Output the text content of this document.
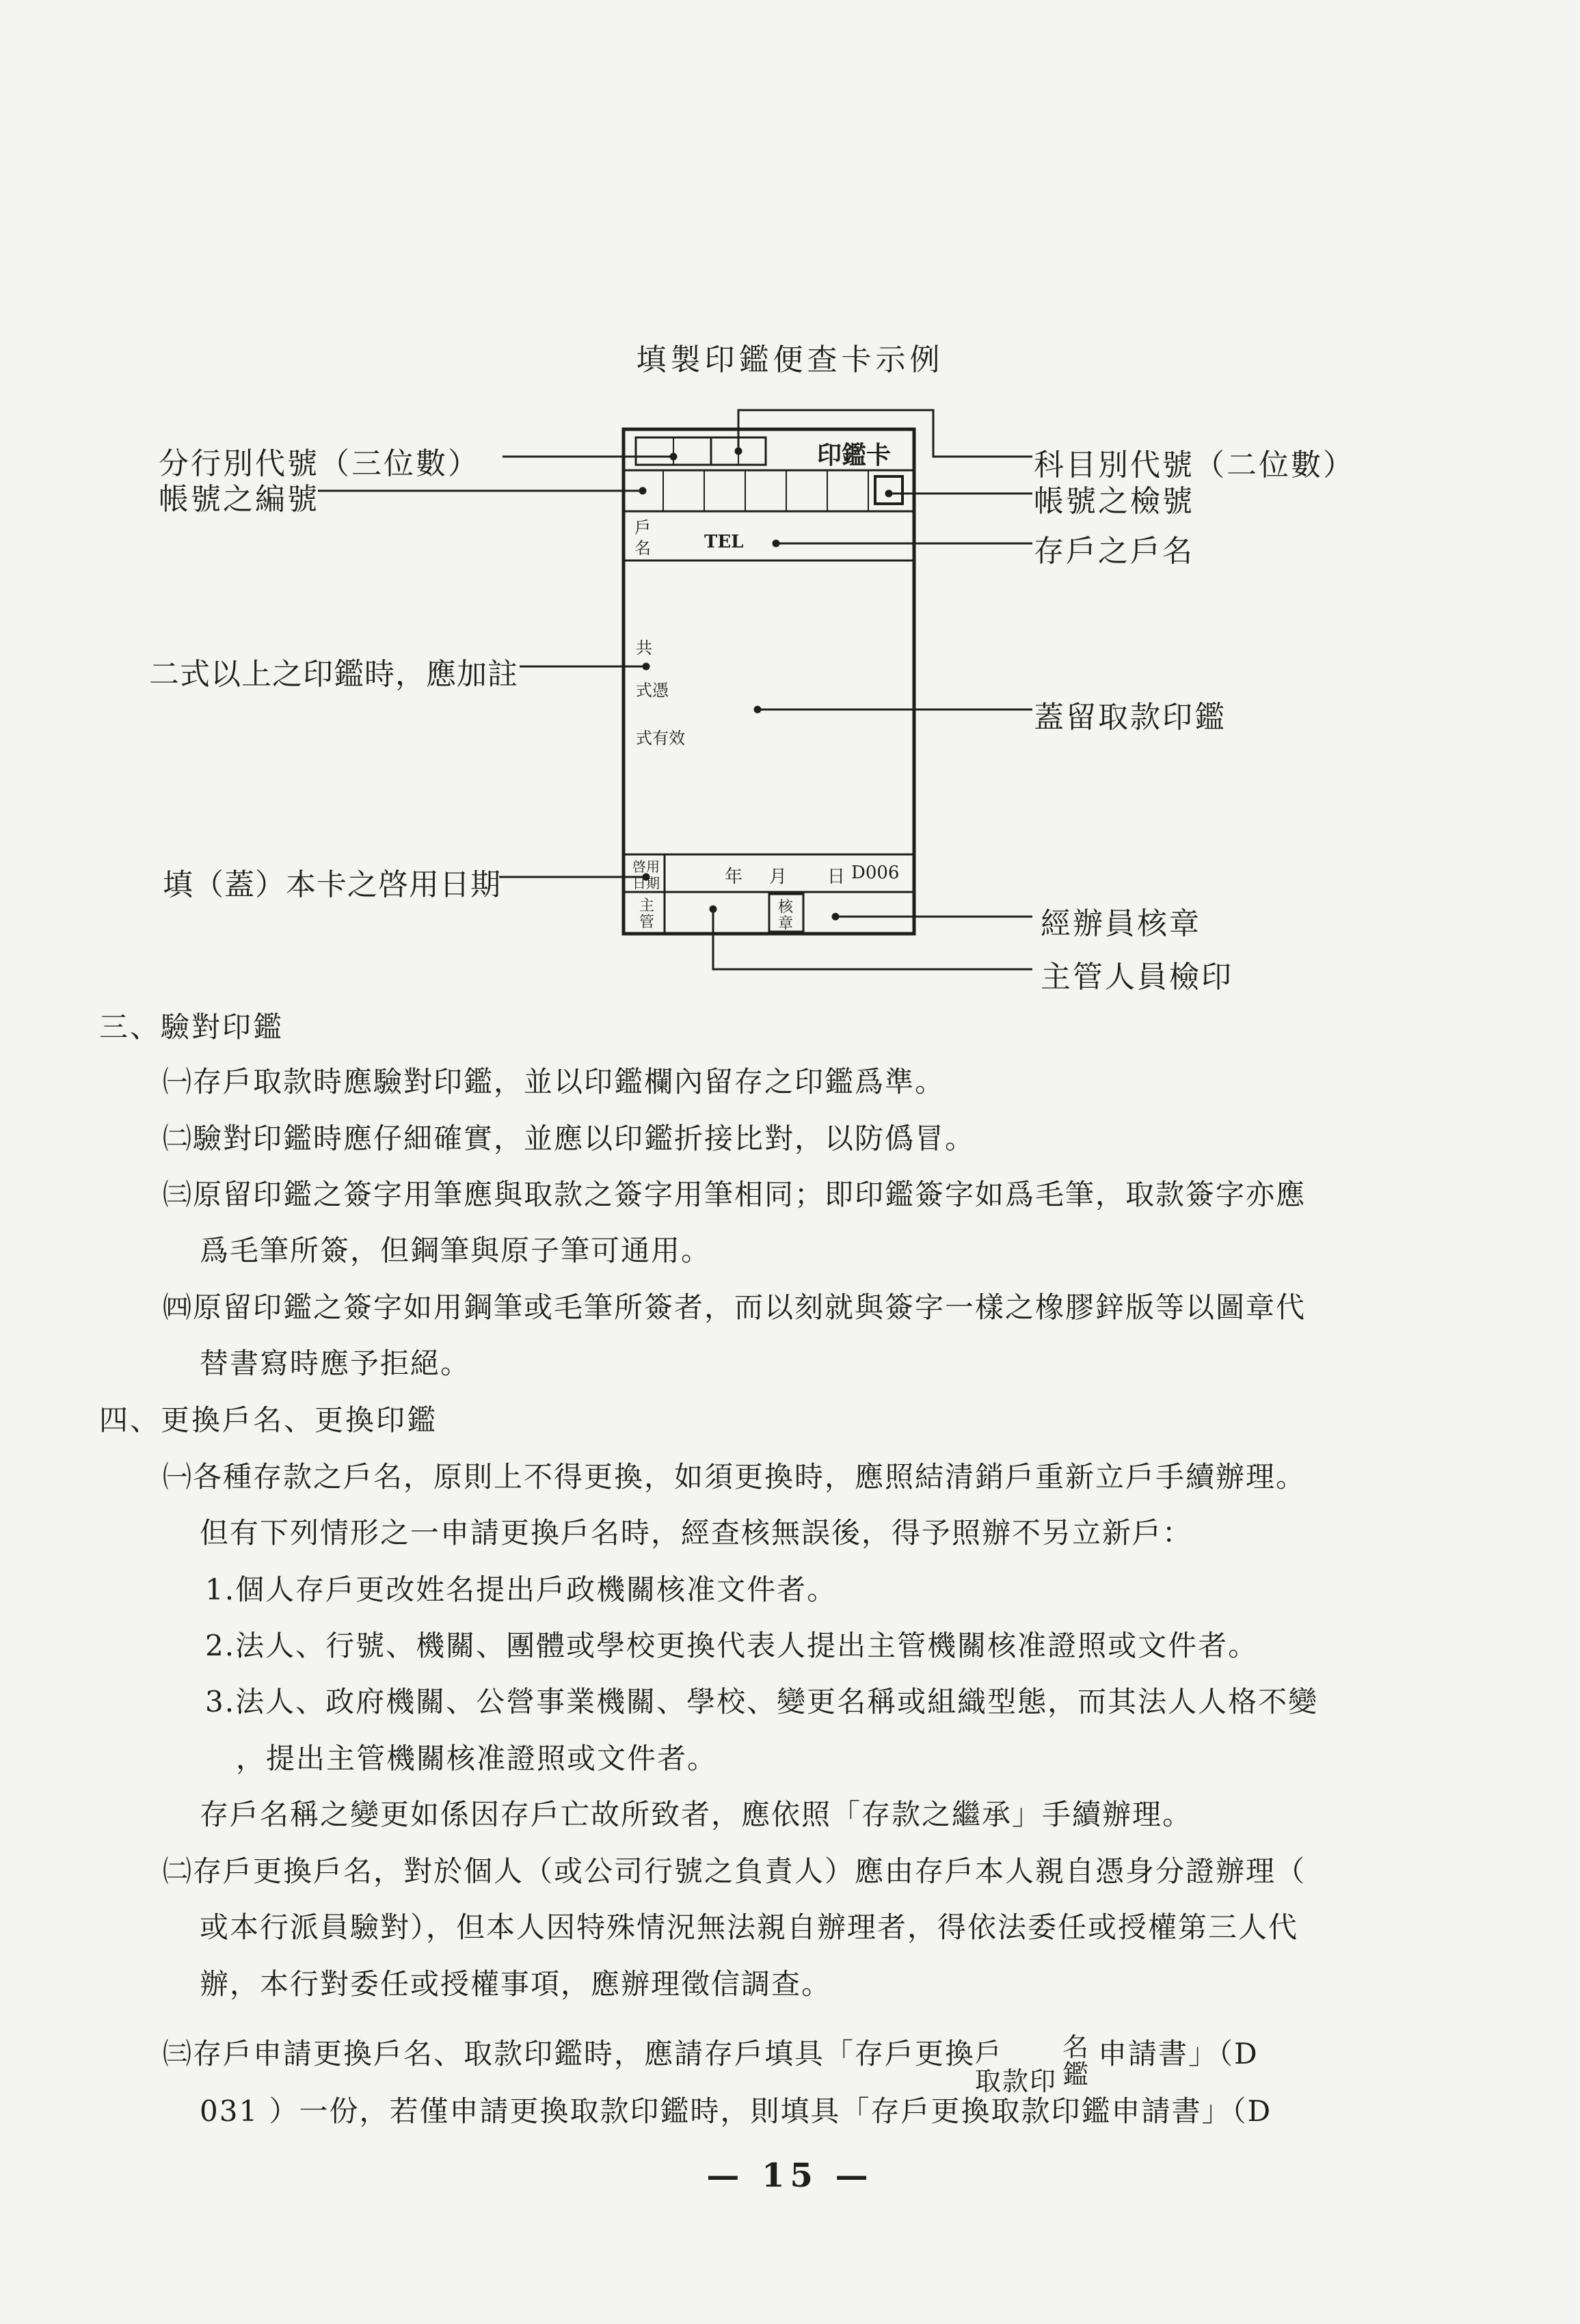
填製印鑑便查卡示例
印鑑卡
戶
名	TEL
共
式憑
式有效
啓用
日期	年 月 日 D006
主
管
核
章
分行別代號（三位數）
帳號之編號
二式以上之印鑑時，應加註
填（蓋）本卡之啓用日期
科目別代號（二位數）
帳號之檢號
存戶之戶名
蓋留取款印鑑
經辦員核章
主管人員檢印
三、驗對印鑑
㈠存戶取款時應驗對印鑑，並以印鑑欄內留存之印鑑爲準。
㈡驗對印鑑時應仔細確實，並應以印鑑折接比對，以防僞冒。
㈢原留印鑑之簽字用筆應與取款之簽字用筆相同；即印鑑簽字如爲毛筆，取款簽字亦應
爲毛筆所簽，但鋼筆與原子筆可通用。
㈣原留印鑑之簽字如用鋼筆或毛筆所簽者，而以刻就與簽字一樣之橡膠鋅版等以圖章代
替書寫時應予拒絕。
四、更換戶名、更換印鑑
㈠各種存款之戶名，原則上不得更換，如須更換時，應照結清銷戶重新立戶手續辦理。
但有下列情形之一申請更換戶名時，經查核無誤後，得予照辦不另立新戶：
1.個人存戶更改姓名提出戶政機關核准文件者。
2.法人、行號、機關、團體或學校更換代表人提出主管機關核准證照或文件者。
3.法人、政府機關、公營事業機關、學校、變更名稱或組織型態，而其法人人格不變
，提出主管機關核准證照或文件者。
存戶名稱之變更如係因存戶亡故所致者，應依照「存款之繼承」手續辦理。
㈡存戶更換戶名，對於個人（或公司行號之負責人）應由存戶本人親自憑身分證辦理（
或本行派員驗對），但本人因特殊情況無法親自辦理者，得依法委任或授權第三人代
辦，本行對委任或授權事項，應辦理徵信調查。
㈢存戶申請更換戶名、取款印鑑時，應請存戶填具「存戶更換 戶
取款印
名
鑑
申請書」（D
031 ）一份，若僅申請更換取款印鑑時，則填具「存戶更換取款印鑑申請書」（D
— 15 —
